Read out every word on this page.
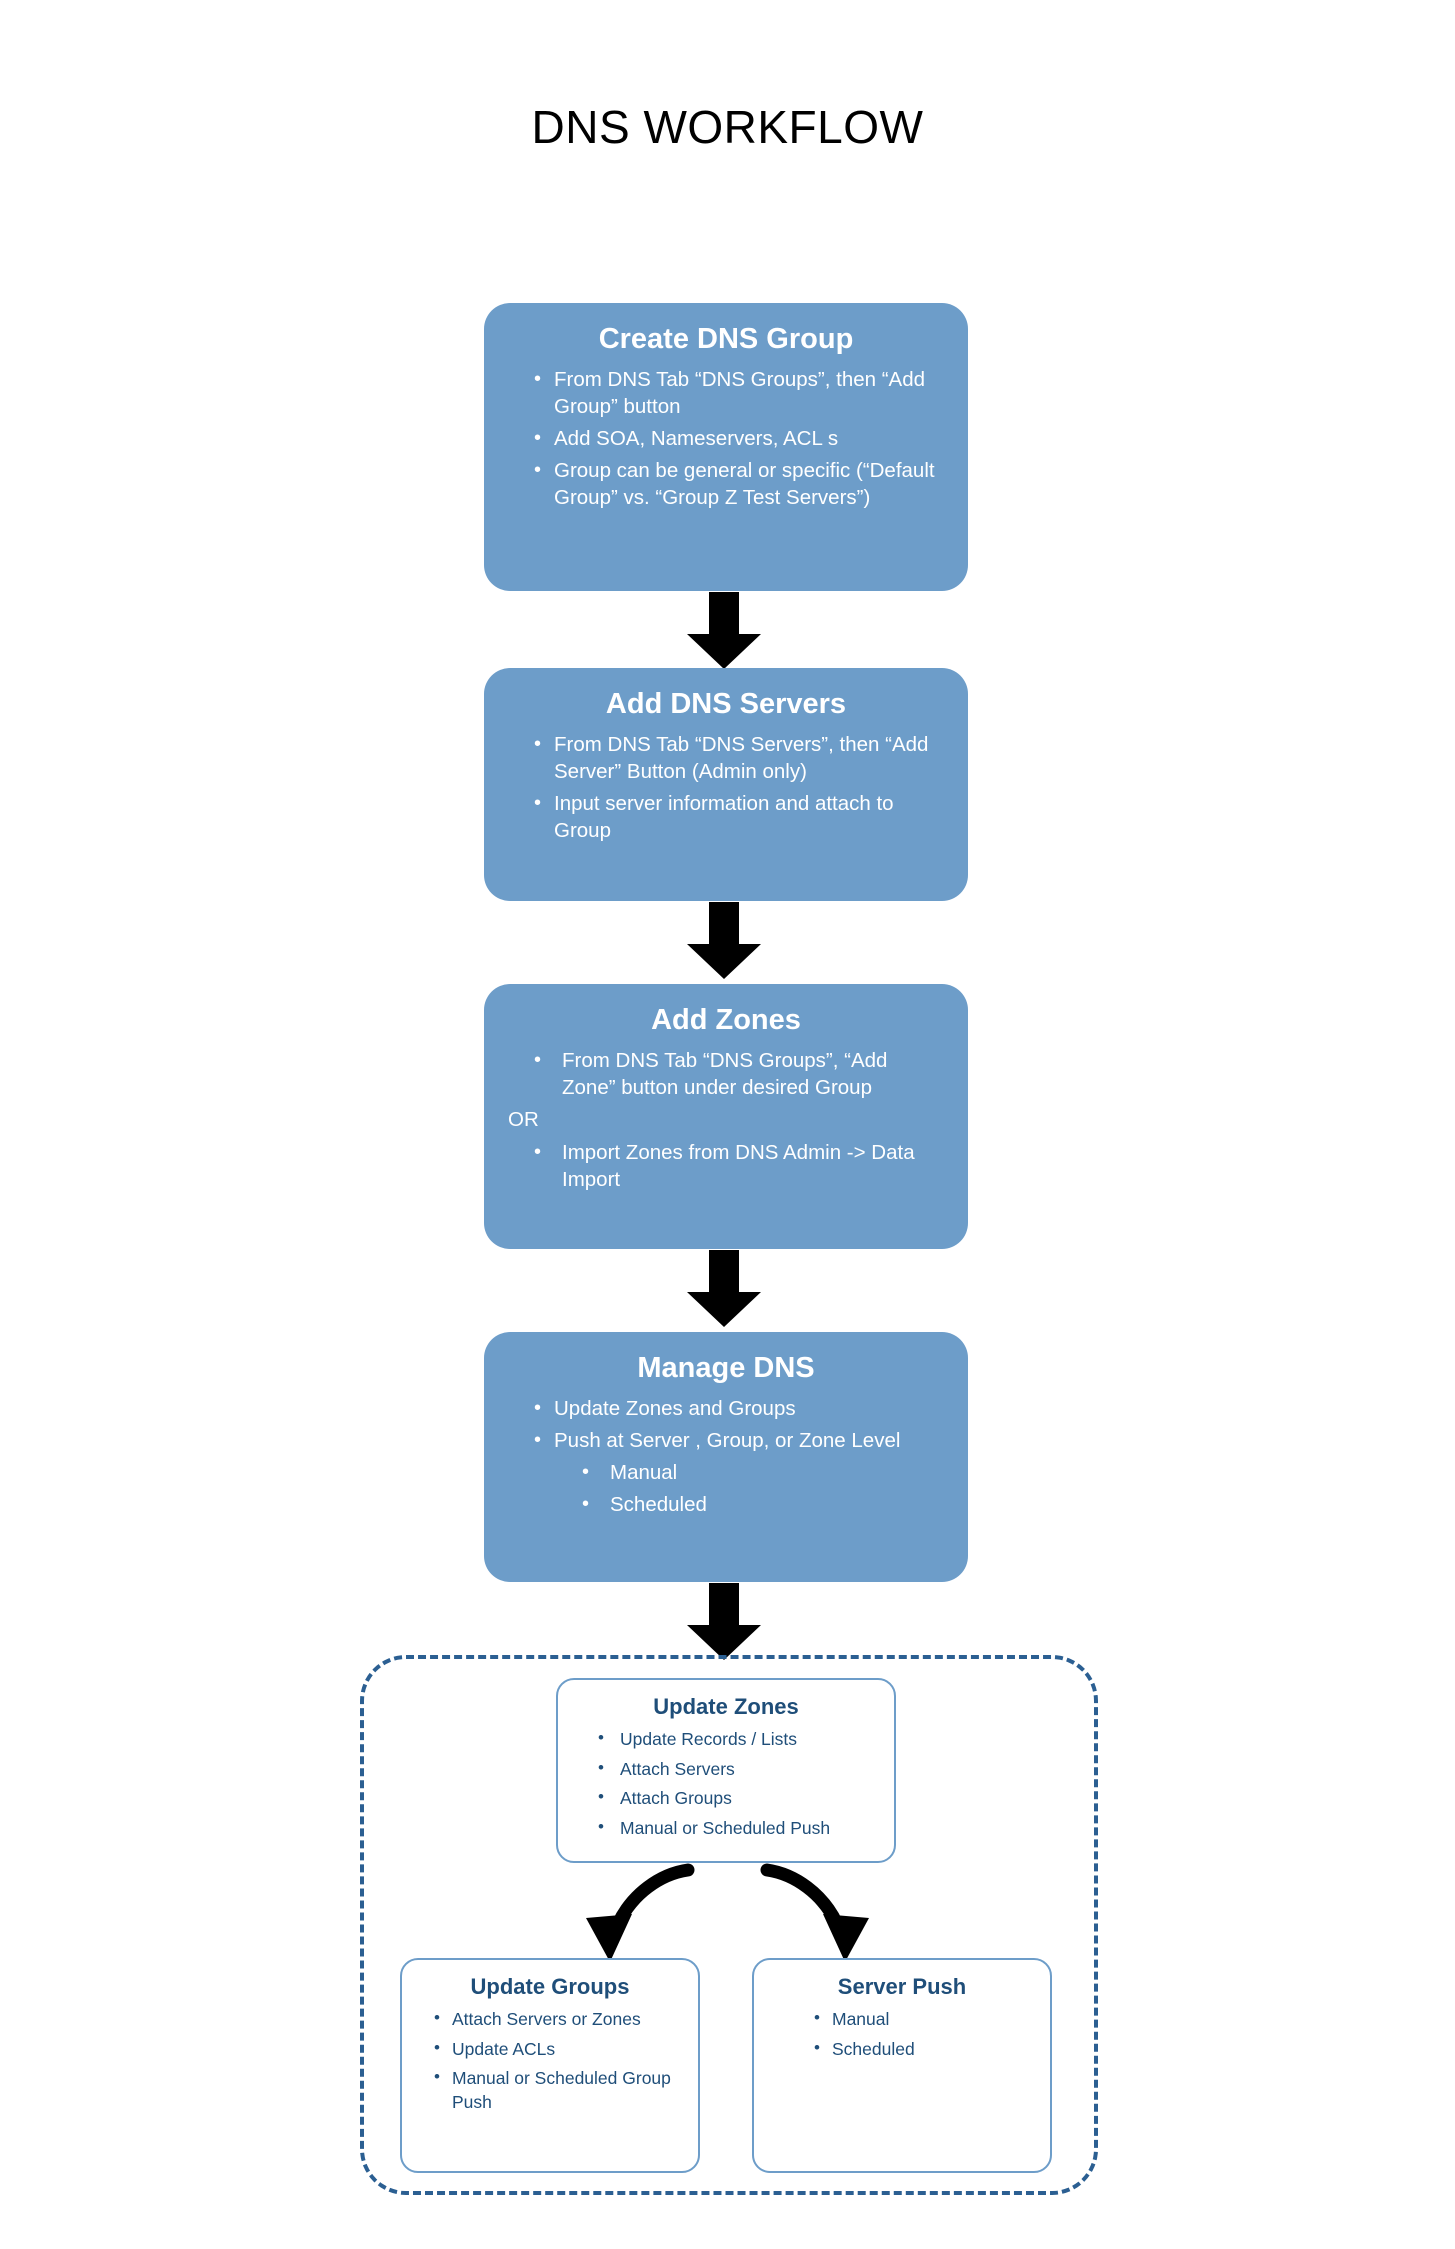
DNS WORKFLOW
Create DNS Group
• From DNS Tab “DNS Groups”, then “Add Group” button
• Add SOA, Nameservers, ACL s
• Group can be general or specific (“Default Group” vs. “Group Z Test Servers”)
Add DNS Servers
• From DNS Tab “DNS Servers”, then “Add Server” Button (Admin only)
• Input server information and attach to Group
Add Zones
• From DNS Tab “DNS Groups”, “Add Zone” button under desired Group
OR
• Import Zones from DNS Admin -> Data Import
Manage DNS
• Update Zones and Groups
• Push at Server , Group, or Zone Level
• Manual
• Scheduled
Update Zones
• Update Records / Lists
• Attach Servers
• Attach Groups
• Manual or Scheduled Push
Update Groups
• Attach Servers or Zones
• Update ACLs
• Manual or Scheduled Group Push
Server Push
• Manual
• Scheduled
